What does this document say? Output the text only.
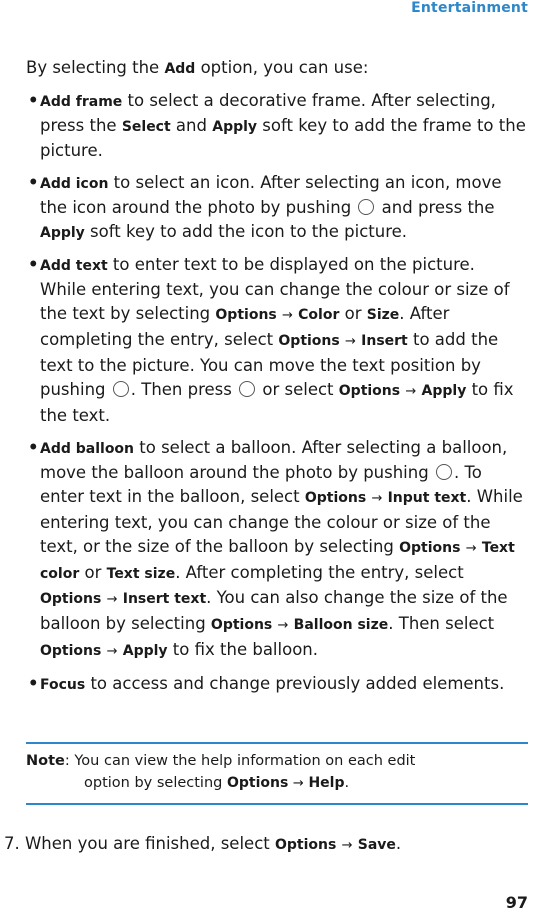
Entertainment

By selecting the Add option, you can use:

• Add frame to select a decorative frame. After selecting, press the Select and Apply soft key to add the frame to the picture.
• Add icon to select an icon. After selecting an icon, move the icon around the photo by pushing  and press the Apply soft key to add the icon to the picture.
• Add text to enter text to be displayed on the picture. While entering text, you can change the colour or size of the text by selecting Options → Color or Size. After completing the entry, select Options → Insert to add the text to the picture. You can move the text position by pushing . Then press  or select Options → Apply to fix the text.
• Add balloon to select a balloon. After selecting a balloon, move the balloon around the photo by pushing . To enter text in the balloon, select Options → Input text. While entering text, you can change the colour or size of the text, or the size of the balloon by selecting Options → Text color or Text size. After completing the entry, select Options → Insert text. You can also change the size of the balloon by selecting Options → Balloon size. Then select Options → Apply to fix the balloon.
• Focus to access and change previously added elements.
Note: You can view the help information on each edit
option by selecting Options → Help.
7. When you are finished, select Options → Save.
97
